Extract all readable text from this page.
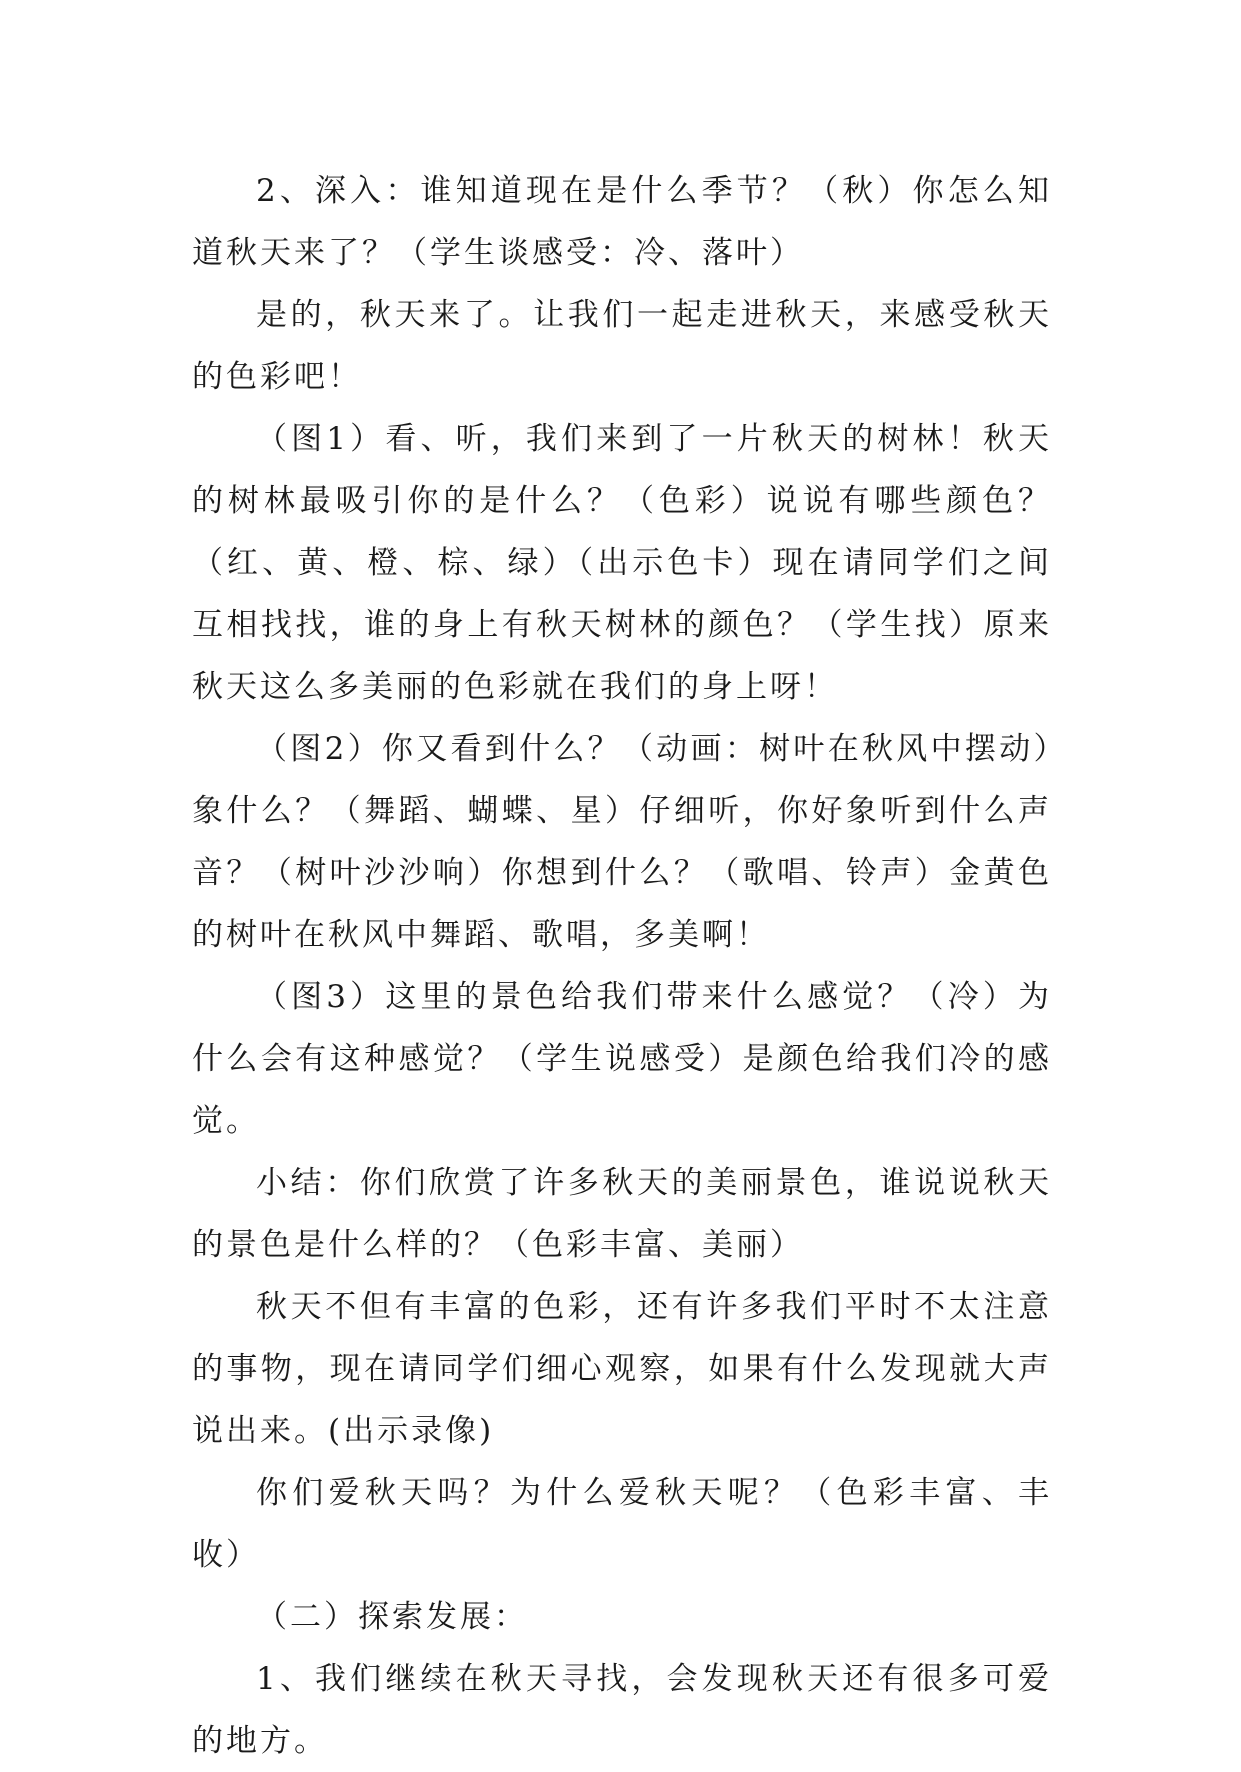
2、深入：谁知道现在是什么季节？（秋）你怎么知道秋天来了？（学生谈感受：冷、落叶）

是的，秋天来了。让我们一起走进秋天，来感受秋天的色彩吧！

（图1）看、听，我们来到了一片秋天的树林！秋天的树林最吸引你的是什么？（色彩）说说有哪些颜色？（红、黄、橙、棕、绿）（出示色卡）现在请同学们之间互相找找，谁的身上有秋天树林的颜色？（学生找）原来秋天这么多美丽的色彩就在我们的身上呀！

（图2）你又看到什么？（动画：树叶在秋风中摆动）象什么？（舞蹈、蝴蝶、星）仔细听，你好象听到什么声音？（树叶沙沙响）你想到什么？（歌唱、铃声）金黄色的树叶在秋风中舞蹈、歌唱，多美啊！

（图3）这里的景色给我们带来什么感觉？（冷）为什么会有这种感觉？（学生说感受）是颜色给我们冷的感觉。

小结：你们欣赏了许多秋天的美丽景色，谁说说秋天的景色是什么样的？（色彩丰富、美丽）

秋天不但有丰富的色彩，还有许多我们平时不太注意的事物，现在请同学们细心观察，如果有什么发现就大声说出来。(出示录像)

你们爱秋天吗？为什么爱秋天呢？（色彩丰富、丰收）

（二）探索发展：

1、我们继续在秋天寻找，会发现秋天还有很多可爱的地方。
